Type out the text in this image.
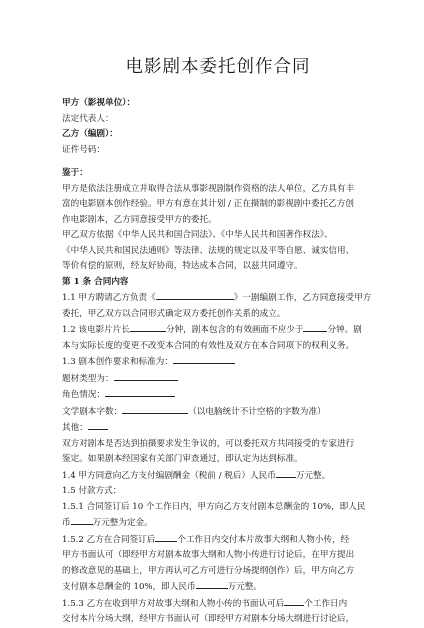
电影剧本委托创作合同
甲方（影视单位）：
法定代表人：
乙方（编剧）：
证件号码：
鉴于：
甲方是依法注册成立并取得合法从事影视剧制作资格的法人单位，乙方具有丰
富的电影剧本创作经验。甲方有意在其计划 / 正在摄制的影视剧中委托乙方创
作电影剧本，乙方同意接受甲方的委托。
甲乙双方依据《中华人民共和国合同法》、《中华人民共和国著作权法》、
《中华人民共和国民法通则》等法律、法规的规定以及平等自愿、诚实信用、
等价有偿的原则，经友好协商，特达成本合同，以兹共同遵守。
第 1 条 合同内容
1.1 甲方聘请乙方负责《	》一剧编剧工作，乙方同意接受甲方
委托，甲乙双方以合同形式确定双方委托创作关系的成立。
1.2 该电影片片长	分钟，剧本包含的有效画面不应少于	分钟。剧
本与实际长度的变更不改变本合同的有效性及双方在本合同项下的权利义务。
1.3 剧本创作要求和标准为：
题材类型为：
角色情况：
文学剧本字数：	（以电脑统计不计空格的字数为准）
其他：
双方对剧本是否达到拍摄要求发生争议的，可以委托双方共同接受的专家进行
鉴定。如果剧本经国家有关部门审查通过，即认定为达到标准。
1.4 甲方同意向乙方支付编剧酬金（税前 / 税后）人民币 万元整。
1.5 付款方式：
1.5.1 合同签订后 10 个工作日内，甲方向乙方支付剧本总酬金的 10%，即人民
币	万元整为定金。
1.5.2 乙方在合同签订后	个工作日内交付本片故事大纲和人物小传，经
甲方书面认可（即经甲方对剧本故事大纲和人物小传进行讨论后，在甲方提出
的修改意见的基础上，甲方再认可乙方可进行分场提纲创作）后，甲方向乙方
支付剧本总酬金的 10%，即人民币	万元整。
1.5.3 乙方在收到甲方对故事大纲和人物小传的书面认可后 个工作日内
交付本片分场大纲，经甲方书面认可（即经甲方对剧本分场大纲进行讨论后，
